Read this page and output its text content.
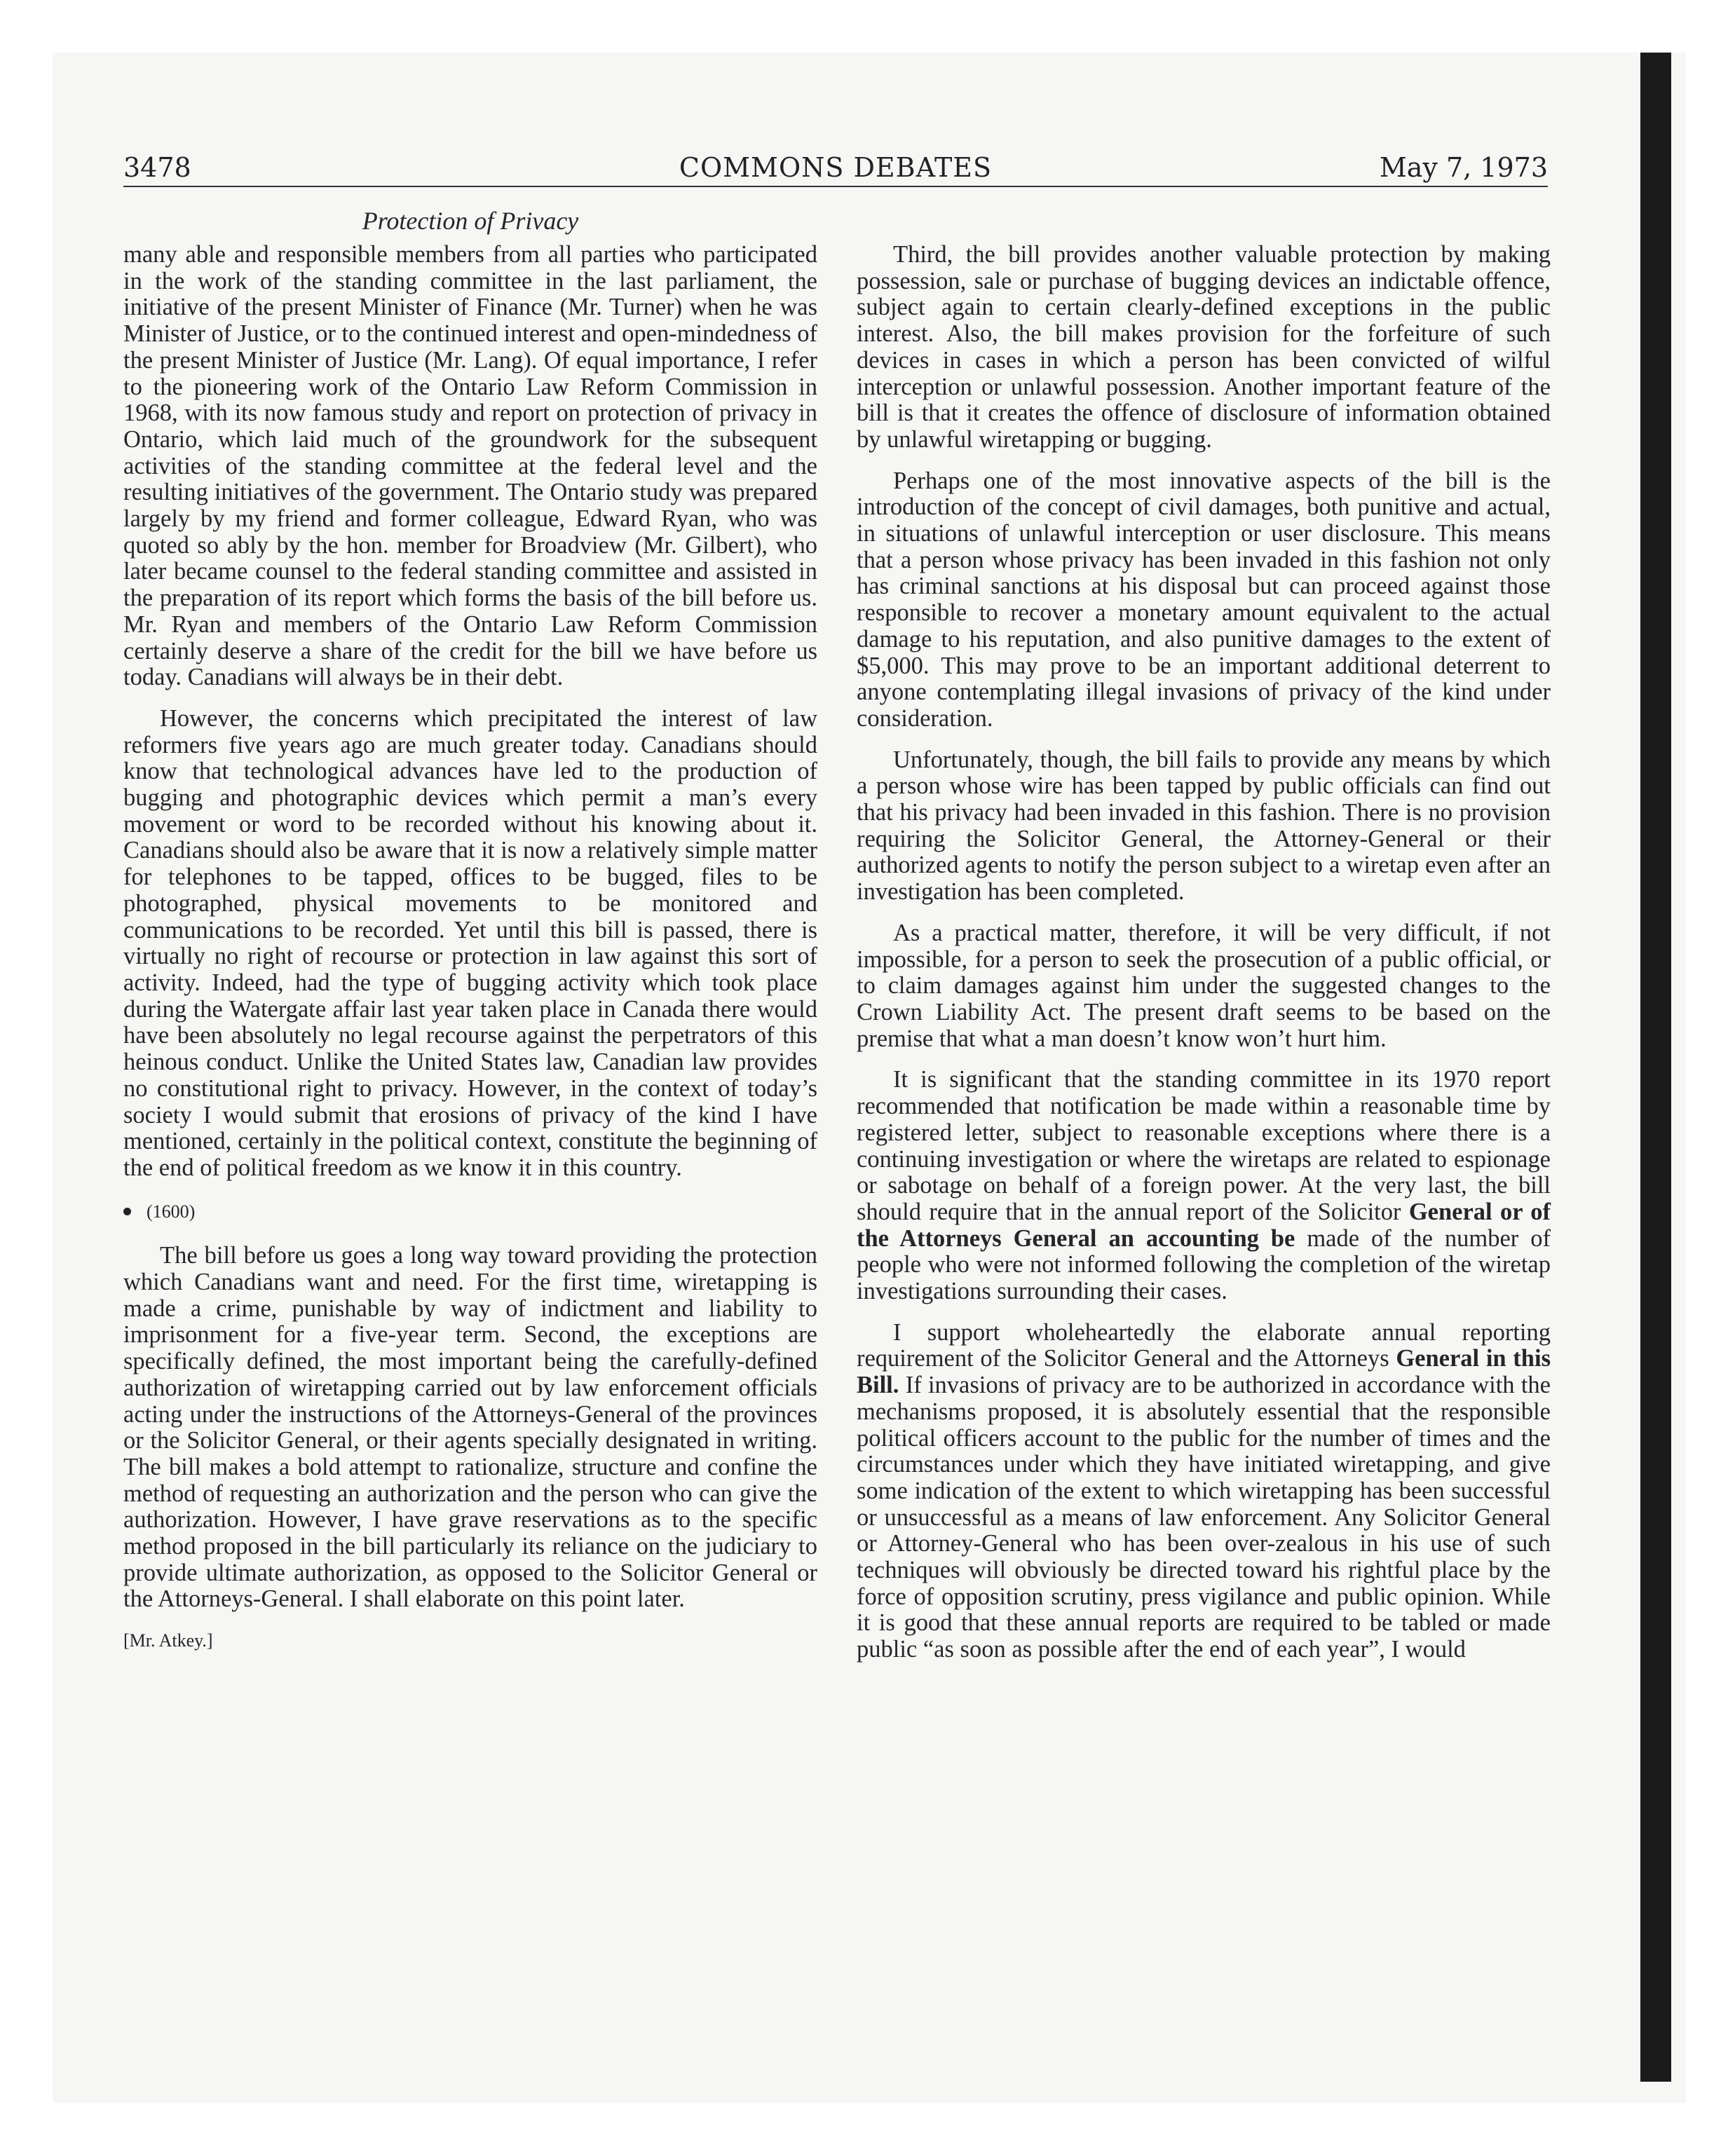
3478	COMMONS DEBATES	May 7, 1973
Protection of Privacy

many able and responsible members from all parties who participated in the work of the standing committee in the last parliament, the initiative of the present Minister of Finance (Mr. Turner) when he was Minister of Justice, or to the continued interest and open-mindedness of the present Minister of Justice (Mr. Lang). Of equal importance, I refer to the pioneering work of the Ontario Law Reform Commission in 1968, with its now famous study and report on protection of privacy in Ontario, which laid much of the groundwork for the subsequent activities of the standing committee at the federal level and the resulting initiatives of the government. The Ontario study was prepared largely by my friend and former colleague, Edward Ryan, who was quoted so ably by the hon. member for Broadview (Mr. Gilbert), who later became counsel to the federal standing committee and assisted in the preparation of its report which forms the basis of the bill before us. Mr. Ryan and members of the Ontario Law Reform Commission certainly deserve a share of the credit for the bill we have before us today. Canadians will always be in their debt.

However, the concerns which precipitated the interest of law reformers five years ago are much greater today. Canadians should know that technological advances have led to the production of bugging and photographic devices which permit a man’s every movement or word to be recorded without his knowing about it. Canadians should also be aware that it is now a relatively simple matter for telephones to be tapped, offices to be bugged, files to be photographed, physical movements to be monitored and communications to be recorded. Yet until this bill is passed, there is virtually no right of recourse or protection in law against this sort of activity. Indeed, had the type of bugging activity which took place during the Watergate affair last year taken place in Canada there would have been absolutely no legal recourse against the perpetrators of this heinous conduct. Unlike the United States law, Canadian law provides no constitutional right to privacy. However, in the context of today’s society I would submit that erosions of privacy of the kind I have mentioned, certainly in the political context, constitute the beginning of the end of political freedom as we know it in this country.

(1600)

The bill before us goes a long way toward providing the protection which Canadians want and need. For the first time, wiretapping is made a crime, punishable by way of indictment and liability to imprisonment for a five-year term. Second, the exceptions are specifically defined, the most important being the carefully-defined authorization of wiretapping carried out by law enforcement officials acting under the instructions of the Attorneys-General of the provinces or the Solicitor General, or their agents specially designated in writing. The bill makes a bold attempt to rationalize, structure and confine the method of requesting an authorization and the person who can give the authorization. However, I have grave reservations as to the specific method proposed in the bill particularly its reliance on the judiciary to provide ultimate authorization, as opposed to the Solicitor General or the Attorneys-General. I shall elaborate on this point later.

[Mr. Atkey.]

Third, the bill provides another valuable protection by making possession, sale or purchase of bugging devices an indictable offence, subject again to certain clearly-defined exceptions in the public interest. Also, the bill makes provision for the forfeiture of such devices in cases in which a person has been convicted of wilful interception or unlawful possession. Another important feature of the bill is that it creates the offence of disclosure of information obtained by unlawful wiretapping or bugging.

Perhaps one of the most innovative aspects of the bill is the introduction of the concept of civil damages, both punitive and actual, in situations of unlawful interception or user disclosure. This means that a person whose privacy has been invaded in this fashion not only has criminal sanctions at his disposal but can proceed against those responsible to recover a monetary amount equivalent to the actual damage to his reputation, and also punitive damages to the extent of $5,000. This may prove to be an important additional deterrent to anyone contemplating illegal invasions of privacy of the kind under consideration.

Unfortunately, though, the bill fails to provide any means by which a person whose wire has been tapped by public officials can find out that his privacy had been invaded in this fashion. There is no provision requiring the Solicitor General, the Attorney-General or their authorized agents to notify the person subject to a wiretap even after an investigation has been completed.

As a practical matter, therefore, it will be very difficult, if not impossible, for a person to seek the prosecution of a public official, or to claim damages against him under the suggested changes to the Crown Liability Act. The present draft seems to be based on the premise that what a man doesn’t know won’t hurt him.

It is significant that the standing committee in its 1970 report recommended that notification be made within a reasonable time by registered letter, subject to reasonable exceptions where there is a continuing investigation or where the wiretaps are related to espionage or sabotage on behalf of a foreign power. At the very last, the bill should require that in the annual report of the Solicitor General or of the Attorneys General an accounting be made of the number of people who were not informed following the completion of the wiretap investigations surrounding their cases.

I support wholeheartedly the elaborate annual reporting requirement of the Solicitor General and the Attorneys General in this Bill. If invasions of privacy are to be authorized in accordance with the mechanisms proposed, it is absolutely essential that the responsible political officers account to the public for the number of times and the circumstances under which they have initiated wiretapping, and give some indication of the extent to which wiretapping has been successful or unsuccessful as a means of law enforcement. Any Solicitor General or Attorney-General who has been over-zealous in his use of such techniques will obviously be directed toward his rightful place by the force of opposition scrutiny, press vigilance and public opinion. While it is good that these annual reports are required to be tabled or made public “as soon as possible after the end of each year”, I would
